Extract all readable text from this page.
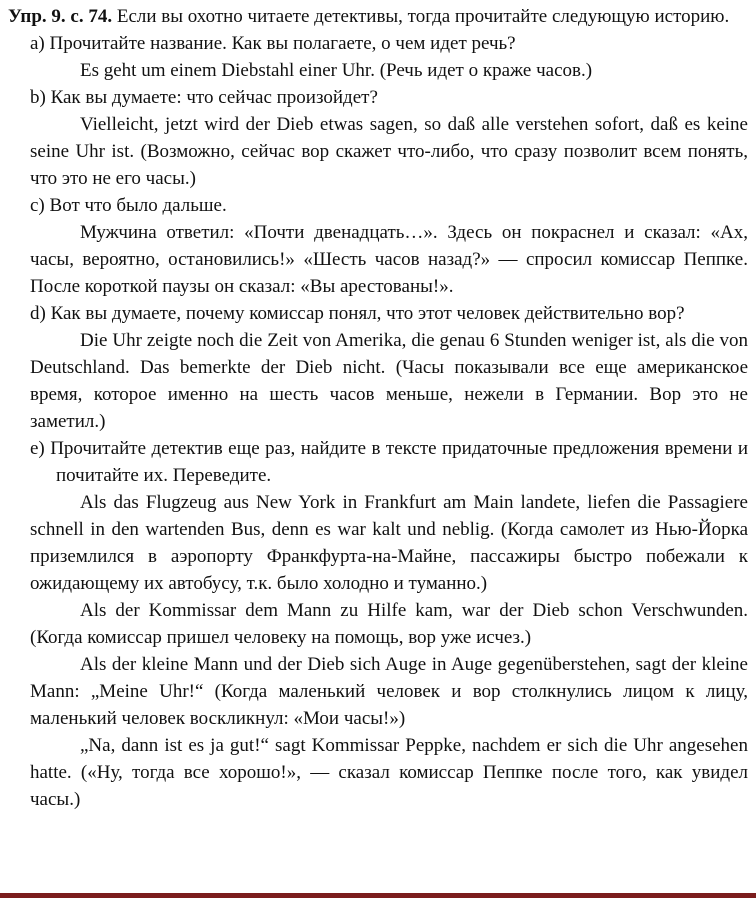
Упр. 9. с. 74. Если вы охотно читаете детективы, тогда прочитайте следующую историю.

a) Прочитайте название. Как вы полагаете, о чем идет речь?

Es geht um einem Diebstahl einer Uhr. (Речь идет о краже часов.)

b) Как вы думаете: что сейчас произойдет?

Vielleicht, jetzt wird der Dieb etwas sagen, so daß alle verstehen sofort, daß es keine seine Uhr ist. (Возможно, сейчас вор скажет что-либо, что сразу позволит всем понять, что это не его часы.)

c) Вот что было дальше.

Мужчина ответил: «Почти двенадцать…». Здесь он покраснел и сказал: «Ах, часы, вероятно, остановились!» «Шесть часов назад?» — спросил комиссар Пеппке. После короткой паузы он сказал: «Вы арестованы!».

d) Как вы думаете, почему комиссар понял, что этот человек действительно вор?

Die Uhr zeigte noch die Zeit von Amerika, die genau 6 Stunden weniger ist, als die von Deutschland. Das bemerkte der Dieb nicht. (Часы показывали все еще американское время, которое именно на шесть часов меньше, нежели в Германии. Вор это не заметил.)

e) Прочитайте детектив еще раз, найдите в тексте придаточные предложения времени и почитайте их. Переведите.

Als das Flugzeug aus New York in Frankfurt am Main landete, liefen die Passagiere schnell in den wartenden Bus, denn es war kalt und neblig. (Когда самолет из Нью-Йорка приземлился в аэропорту Франкфурта-на-Майне, пассажиры быстро побежали к ожидающему их автобусу, т.к. было холодно и туманно.)

Als der Kommissar dem Mann zu Hilfe kam, war der Dieb schon Verschwunden. (Когда комиссар пришел человеку на помощь, вор уже исчез.)

Als der kleine Mann und der Dieb sich Auge in Auge gegenüberstehen, sagt der kleine Mann: „Meine Uhr!“ (Когда маленький человек и вор столкнулись лицом к лицу, маленький человек воскликнул: «Мои часы!»)

„Na, dann ist es ja gut!“ sagt Kommissar Peppke, nachdem er sich die Uhr angesehen hatte. («Ну, тогда все хорошо!», — сказал комиссар Пеппке после того, как увидел часы.)
